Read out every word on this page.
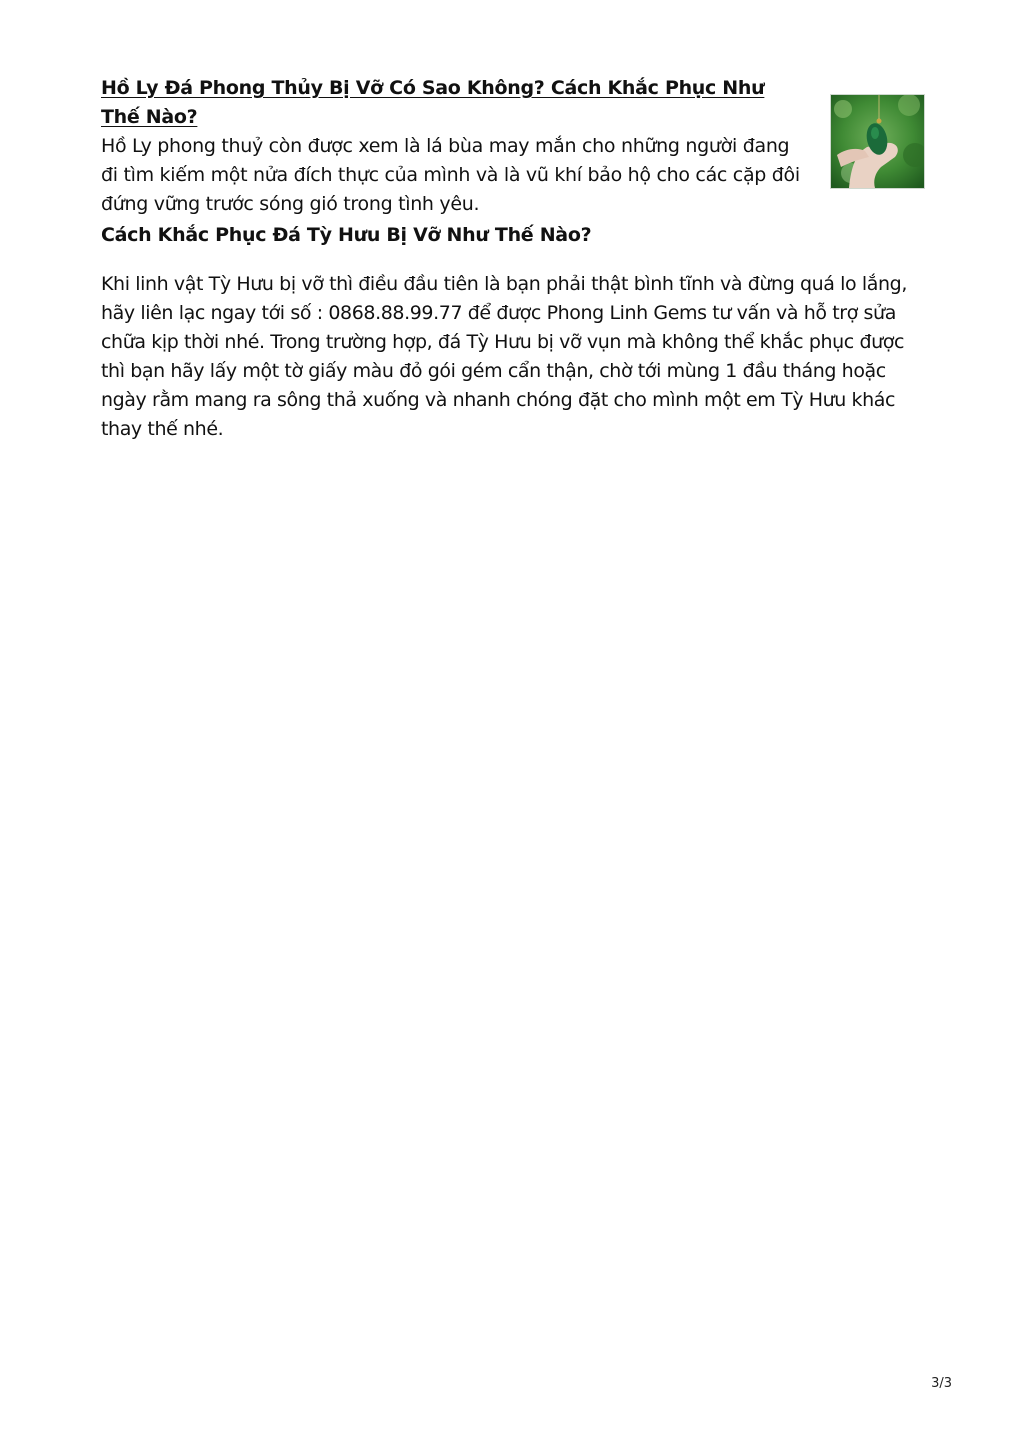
Hồ Ly Đá Phong Thủy Bị Vỡ Có Sao Không? Cách Khắc Phục Như Thế Nào?

Hồ Ly phong thuỷ còn được xem là lá bùa may mắn cho những người đang đi tìm kiếm một nửa đích thực của mình và là vũ khí bảo hộ cho các cặp đôi đứng vững trước sóng gió trong tình yêu.

Cách Khắc Phục Đá Tỳ Hưu Bị Vỡ Như Thế Nào?

Khi linh vật Tỳ Hưu bị vỡ thì điều đầu tiên là bạn phải thật bình tĩnh và đừng quá lo lắng, hãy liên lạc ngay tới số : 0868.88.99.77 để được Phong Linh Gems tư vấn và hỗ trợ sửa chữa kịp thời nhé. Trong trường hợp, đá Tỳ Hưu bị vỡ vụn mà không thể khắc phục được thì bạn hãy lấy một tờ giấy màu đỏ gói gém cẩn thận, chờ tới mùng 1 đầu tháng hoặc ngày rằm mang ra sông thả xuống và nhanh chóng đặt cho mình một em Tỳ Hưu khác thay thế nhé.

3/3
